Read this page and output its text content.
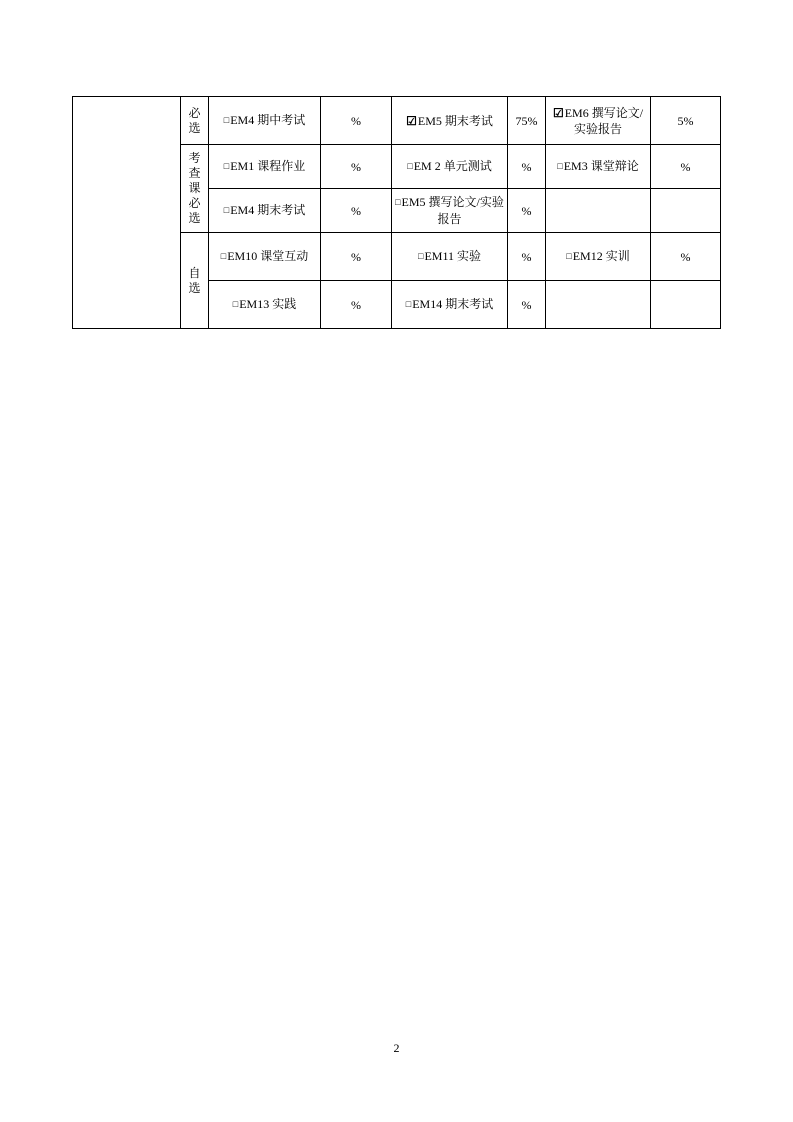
	必选	□EM4 期中考试	%	☑EM5 期末考试	75%	☑EM6 撰写论文/实验报告	5%

	考查课必选	□EM1 课程作业	%	□EM 2 单元测试	%	□EM3 课堂辩论	%
		□EM4 期末考试	%	□EM5 撰写论文/实验报告	%		

	自选	□EM10 课堂互动	%	□EM11 实验	%	□EM12 实训	%
		□EM13 实践	%	□EM14 期末考试	%		
2
